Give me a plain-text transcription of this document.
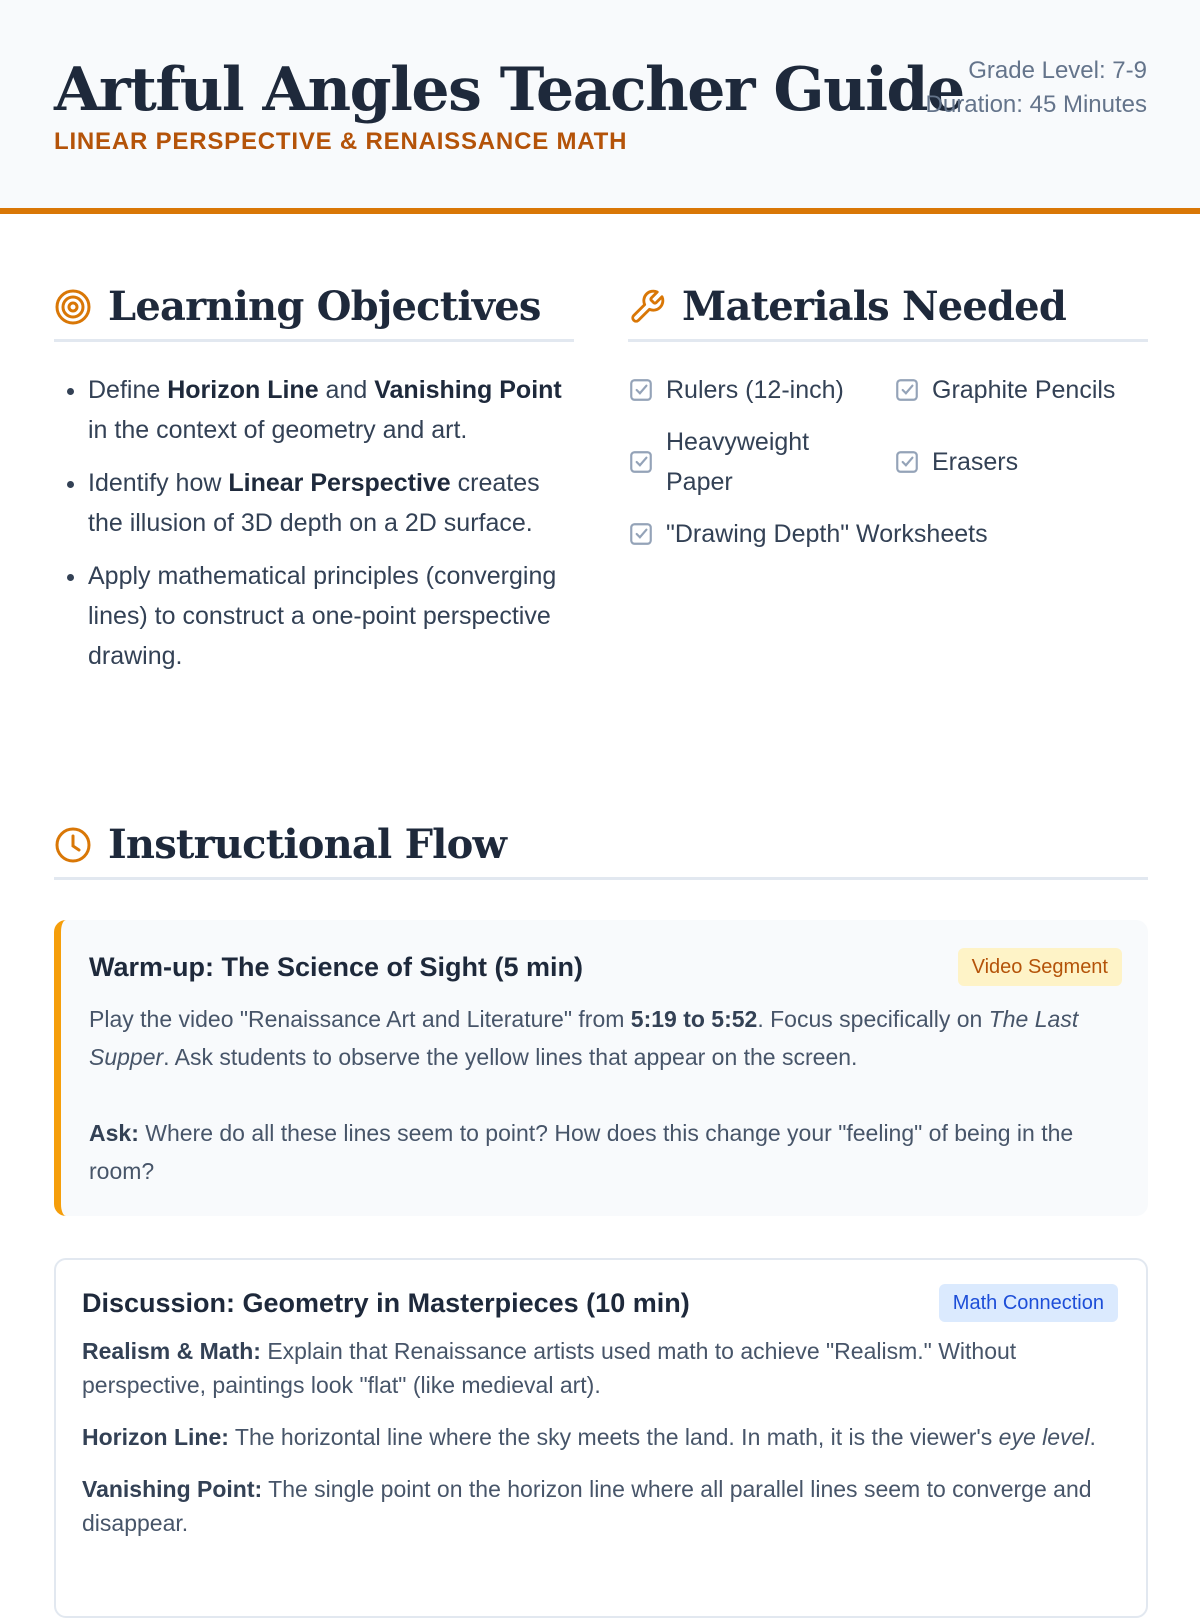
Artful Angles Teacher Guide
LINEAR PERSPECTIVE & RENAISSANCE MATH
Grade Level: 7-9
Duration: 45 Minutes
Learning Objectives
• Define Horizon Line and Vanishing Point in the context of geometry and art.
• Identify how Linear Perspective creates the illusion of 3D depth on a 2D surface.
• Apply mathematical principles (converging lines) to construct a one-point perspective drawing.
Materials Needed
Rulers (12-inch)	Graphite Pencils
Heavyweight Paper
Erasers
"Drawing Depth" Worksheets
Instructional Flow
Warm-up: The Science of Sight (5 min)	Video Segment

Play the video "Renaissance Art and Literature" from 5:19 to 5:52. Focus specifically on The Last Supper. Ask students to observe the yellow lines that appear on the screen.

Ask: Where do all these lines seem to point? How does this change your "feeling" of being in the room?

Discussion: Geometry in Masterpieces (10 min)	Math Connection

Realism & Math: Explain that Renaissance artists used math to achieve "Realism." Without perspective, paintings look "flat" (like medieval art).

Horizon Line: The horizontal line where the sky meets the land. In math, it is the viewer's eye level.

Vanishing Point: The single point on the horizon line where all parallel lines seem to converge and disappear.
